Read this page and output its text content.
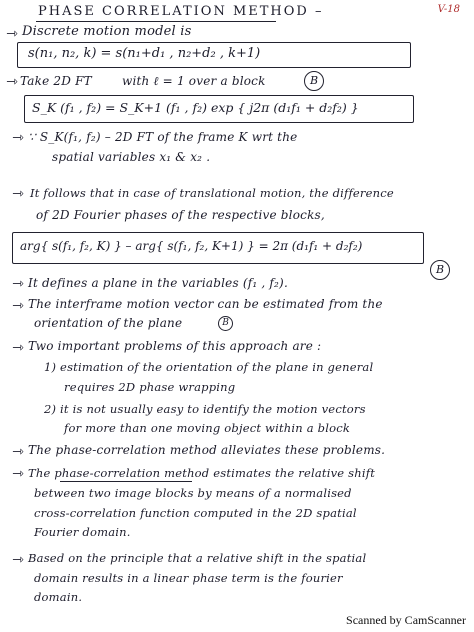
PHASE CORRELATION METHOD –	V-18
⇾ Discrete motion model is
s(n₁, n₂, k) = s(n₁+d₁ , n₂+d₂ , k+1)
⇾ Take 2D FT	with ℓ = 1 over a block	B
S_K (f₁ , f₂) = S_K+1 (f₁ , f₂) exp { j2π (d₁f₁ + d₂f₂) }
⇾ ∵ S_K(f₁, f₂) – 2D FT of the frame K wrt the
spatial variables x₁ & x₂ .
⇾ It follows that in case of translational motion, the difference
of 2D Fourier phases of the respective blocks,
arg{ s(f₁, f₂, K) } – arg{ s(f₁, f₂, K+1) } = 2π (d₁f₁ + d₂f₂)
B
⇾ It defines a plane in the variables (f₁ , f₂).
⇾ The interframe motion vector can be estimated from the
orientation of the plane	B
⇾ Two important problems of this approach are :
1) estimation of the orientation of the plane in general
requires 2D phase wrapping
2) it is not usually easy to identify the motion vectors
for more than one moving object within a block
⇾ The phase-correlation method alleviates these problems.
⇾ The phase-correlation method estimates the relative shift
between two image blocks by means of a normalised
cross-correlation function computed in the 2D spatial
Fourier domain.
⇾ Based on the principle that a relative shift in the spatial
domain results in a linear phase term is the fourier
domain.
Scanned by CamScanner
